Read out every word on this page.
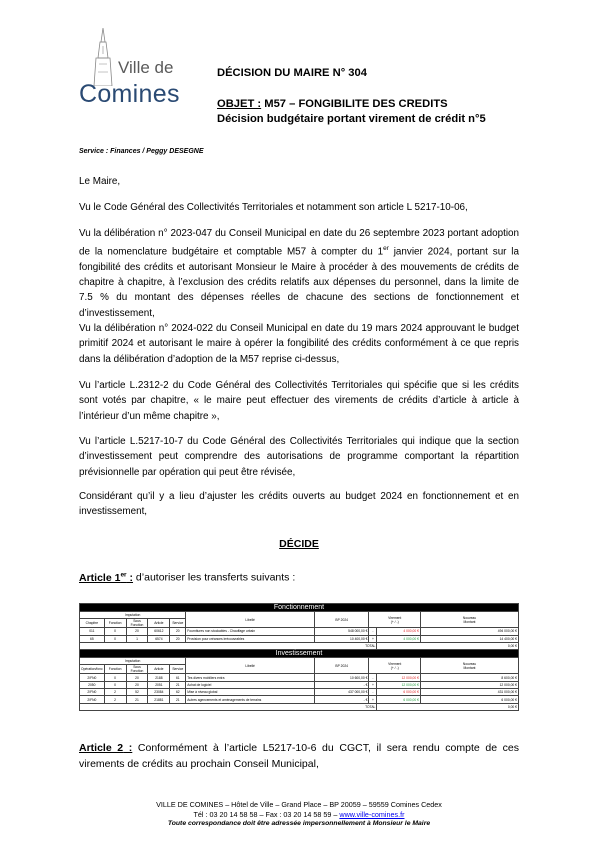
Ville de
Comines
DÉCISION DU MAIRE N° 304
OBJET : M57 – FONGIBILITE DES CREDITS
Décision budgétaire portant virement de crédit n°5
Service : Finances / Peggy DESEGNE
Le Maire,
Vu le Code Général des Collectivités Territoriales et notamment son article L 5217-10-06,
Vu la délibération n° 2023-047 du Conseil Municipal en date du 26 septembre 2023 portant adoption de la nomenclature budgétaire et comptable M57 à compter du 1er janvier 2024, portant sur la fongibilité des crédits et autorisant Monsieur le Maire à procéder à des mouvements de crédits de chapitre à chapitre, à l’exclusion des crédits relatifs aux dépenses du personnel, dans la limite de 7.5 % du montant des dépenses réelles de chacune des sections de fonctionnement et d’investissement,
Vu la délibération n° 2024-022 du Conseil Municipal en date du 19 mars 2024 approuvant le budget primitif 2024 et autorisant le maire à opérer la fongibilité des crédits conformément à ce que repris dans la délibération d’adoption de la M57 reprise ci-dessus,
Vu l’article L.2312-2 du Code Général des Collectivités Territoriales qui spécifie que si les crédits sont votés par chapitre, « le maire peut effectuer des virements de crédits d’article à article à l’intérieur d’un même chapitre »,
Vu l’article L.5217-10-7 du Code Général des Collectivités Territoriales qui indique que la section d’investissement peut comprendre des autorisations de programme comportant la répartition prévisionnelle par opération qui peut être révisée,
Considérant qu’il y a lieu d’ajuster les crédits ouverts au budget 2024 en fonctionnement et en investissement,
DÉCIDE
Article 1er : d’autoriser les transferts suivants :
Fonctionnement									
Imputation					Libellé	BP 2024	Virement
(+ / -)		Nouveau
Montant
Chapitre	Fonction	Sous Fonction	Article	Service					
011	0	20	60612	20	Fournitures non stockables - Chauffage urbain	548 000,00 €	-	4 000,00 €	494 000,00 €
65	0	1	6574	20	Provision pour créances irrécouvrables	10 400,00 €	+	4 000,00 €	14 400,00 €
TOTAL								0,00 €	
Investissement									
Imputation					Libellé	BP 2024	Virement
(+ / -)		Nouveau
Montant
Opération/fonc	Fonction	Sous Fonction	Article	Service					
2/FN0	0	20	2188	61	Tes divers mobiliers extra	10 600,00 €	-	12 000,00 €	8 600,00 €
2050	0	20	2051	21	Achat de logiciel	- €	+	12 000,00 €	12 000,00 €
2/FN0	2	52	23084	62	Mise à niveau global	437 000,00 €	-	6 000,00 €	431 000,00 €
2/FN0	2	21	21881	21	Autres agencements et aménagements de terrains	- €	+	6 000,00 €	6 000,00 €
TOTAL								0,00 €	
Article 2 : Conformément à l’article L5217-10-6 du CGCT, il sera rendu compte de ces virements de crédits au prochain Conseil Municipal,
VILLE DE COMINES – Hôtel de Ville – Grand Place – BP 20059 – 59559 Comines Cedex
Tél : 03 20 14 58 58 – Fax : 03 20 14 58 59 – www.ville-comines.fr
Toute correspondance doit être adressée impersonnellement à Monsieur le Maire
